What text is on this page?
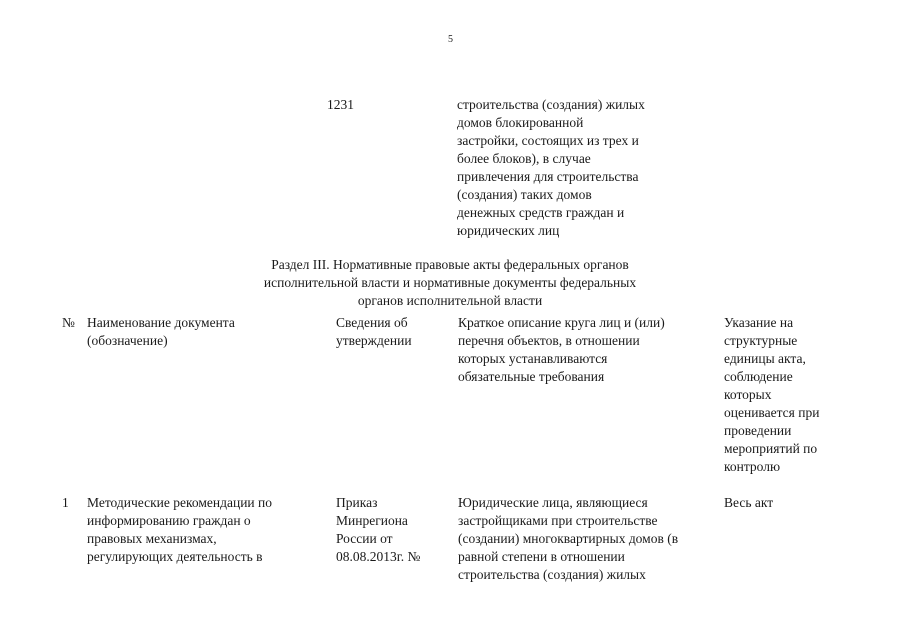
5
1231	строительства (создания) жилых
домов блокированной
застройки, состоящих из трех и
более блоков), в случае
привлечения для строительства
(создания) таких домов
денежных средств граждан и
юридических лиц
Раздел III. Нормативные правовые акты федеральных органов
исполнительной власти и нормативные документы федеральных
органов исполнительной власти
№ Наименование документа
(обозначение)
Сведения об
утверждении
Краткое описание круга лиц и (или)
перечня объектов, в отношении
которых устанавливаются
обязательные требования
Указание на
структурные
единицы акта,
соблюдение
которых
оценивается при
проведении
мероприятий по
контролю
1 Методические рекомендации по
информированию граждан о
правовых механизмах,
регулирующих деятельность в
Приказ
Минрегиона
России от
08.08.2013г. №
Юридические лица, являющиеся
застройщиками при строительстве
(создании) многоквартирных домов (в
равной степени в отношении
строительства (создания) жилых
Весь акт
